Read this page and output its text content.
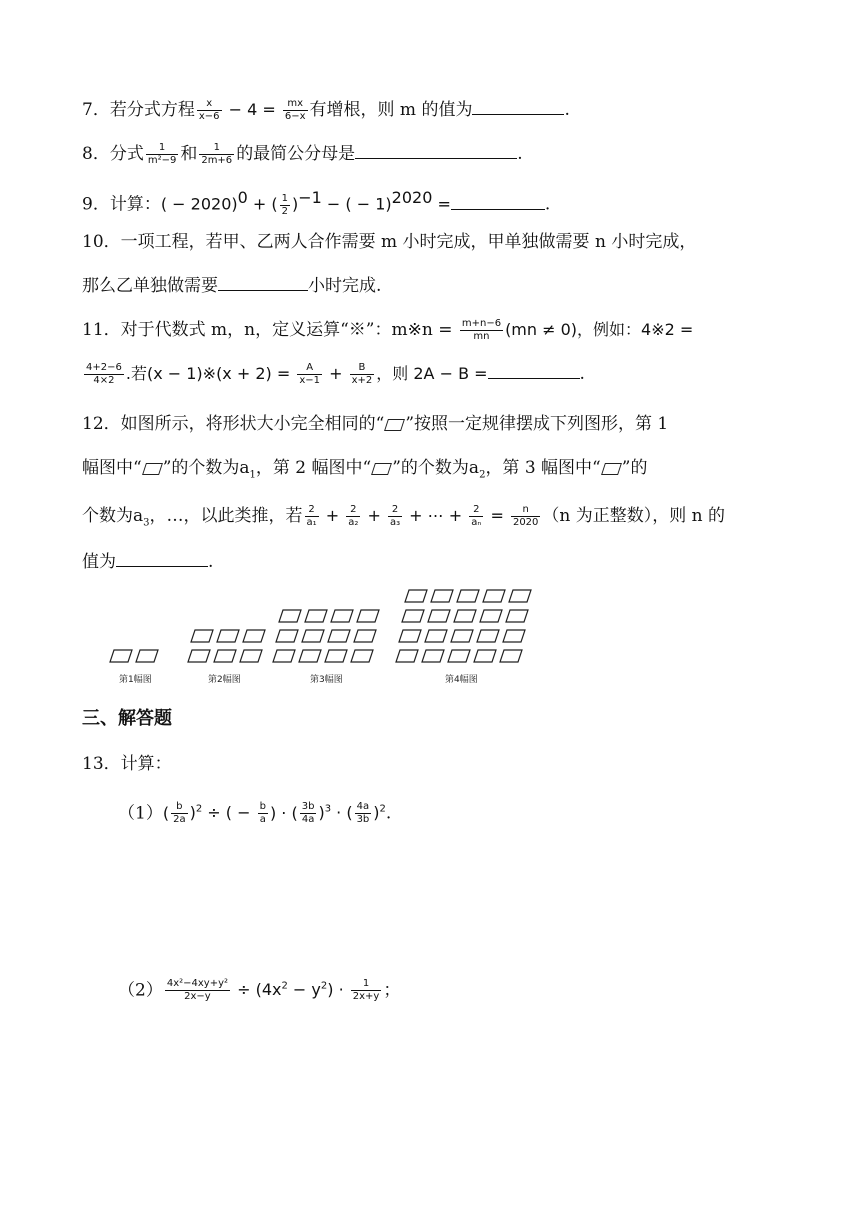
7．若分式方程 $\frac{x}{x-6} - 4 = \frac{mx}{6-x}$ 有增根，则 m 的值为	.
8．分式 $\frac{1}{\text{m²−9}}$ 和 $\frac{1}{2m+6}$ 的最简公分母是	.
9．计算：( − 2020)$^0$ + ( $\frac{1}{2} )^{-1}$ − ( − 1)$^{2020}$ =	.
10．一项工程，若甲、乙两人合作需要 m 小时完成，甲单独做需要 n 小时完成，
那么乙单独做需要	小时完成.
11．对于代数式 m，n，定义运算“※”：m※n = $\frac{m+n-6}{mn} (mn \ne 0)$，例如：4※2 =
$\frac{4+2-6}{4\times 2}$ .若(x − 1)※(x + $2) = \frac{A}{x-1} + \frac{B}{x+2}$ ，则 2A − B =	.
12．如图所示，将形状大小完全相同的“ ”按照一定规律摆成下列图形，第 1
幅图中“ ”的个数为$a_1$，第 2 幅图中“ ”的个数为$a_2$，第 3 幅图中“ ”的
个数为$a_3$，…，以此类推，若 $\frac{2}{\text{a₁}} + \frac{2}{\text{a₂}} + \frac{2}{\text{a₃}}$ + ⋯ + $\frac{2}{\text{aₙ}} = \frac{n}{2020} (n$ 为正整数），则 n 的
值为	.
第1幅图	第2幅图	第3幅图	第4幅图
三、解答题
13．计算：
$(1)( \frac{b}{2a} )^2$ ÷ ( − $\frac{b}{a}$ ) · ( $\frac{3b}{4a} )^3$ · ( $\frac{4a}{3b} )^2$.
$(2) \frac{\text{4x²−4xy+y²}}{2x-y} \div (4x^2 - y^2) \cdot \frac{1}{2x+y}$ ；
